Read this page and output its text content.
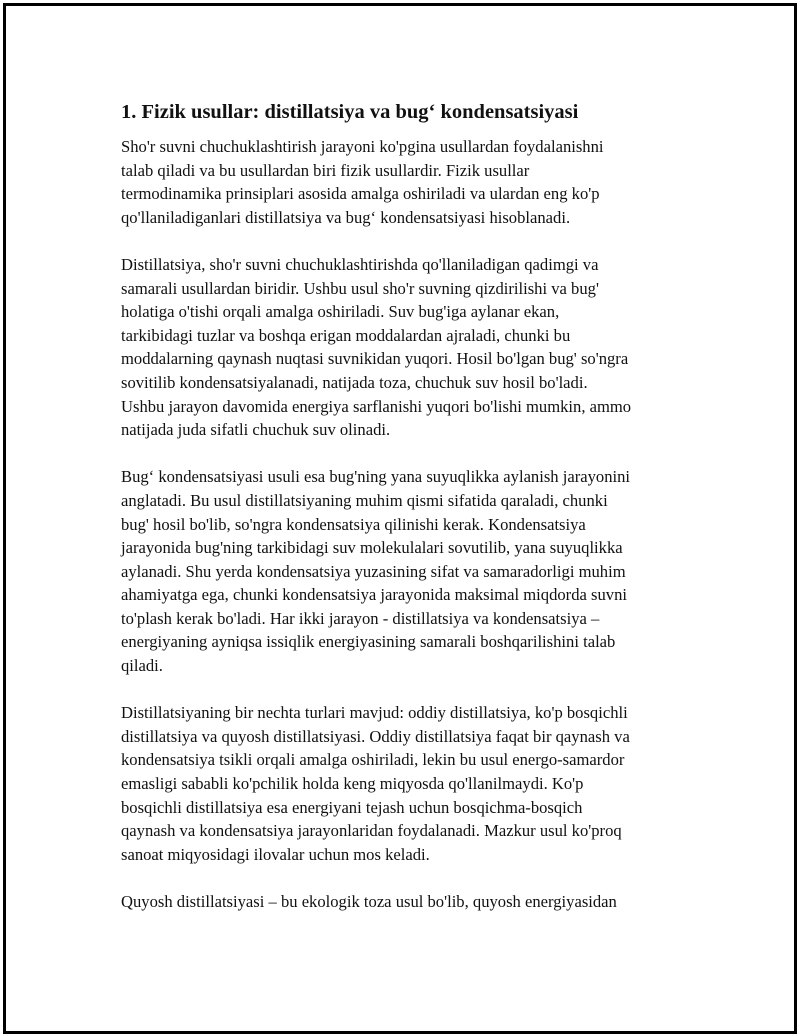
1. Fizik usullar: distillatsiya va bug‘ kondensatsiyasi

Sho'r suvni chuchuklashtirish jarayoni ko'pgina usullardan foydalanishni
talab qiladi va bu usullardan biri fizik usullardir. Fizik usullar
termodinamika prinsiplari asosida amalga oshiriladi va ulardan eng ko'p
qo'llaniladiganlari distillatsiya va bug‘ kondensatsiyasi hisoblanadi.

Distillatsiya, sho'r suvni chuchuklashtirishda qo'llaniladigan qadimgi va
samarali usullardan biridir. Ushbu usul sho'r suvning qizdirilishi va bug'
holatiga o'tishi orqali amalga oshiriladi. Suv bug'iga aylanar ekan,
tarkibidagi tuzlar va boshqa erigan moddalardan ajraladi, chunki bu
moddalarning qaynash nuqtasi suvnikidan yuqori. Hosil bo'lgan bug' so'ngra
sovitilib kondensatsiyalanadi, natijada toza, chuchuk suv hosil bo'ladi.
Ushbu jarayon davomida energiya sarflanishi yuqori bo'lishi mumkin, ammo
natijada juda sifatli chuchuk suv olinadi.

Bug‘ kondensatsiyasi usuli esa bug'ning yana suyuqlikka aylanish jarayonini
anglatadi. Bu usul distillatsiyaning muhim qismi sifatida qaraladi, chunki
bug' hosil bo'lib, so'ngra kondensatsiya qilinishi kerak. Kondensatsiya
jarayonida bug'ning tarkibidagi suv molekulalari sovutilib, yana suyuqlikka
aylanadi. Shu yerda kondensatsiya yuzasining sifat va samaradorligi muhim
ahamiyatga ega, chunki kondensatsiya jarayonida maksimal miqdorda suvni
to'plash kerak bo'ladi. Har ikki jarayon - distillatsiya va kondensatsiya –
energiyaning ayniqsa issiqlik energiyasining samarali boshqarilishini talab
qiladi.

Distillatsiyaning bir nechta turlari mavjud: oddiy distillatsiya, ko'p bosqichli
distillatsiya va quyosh distillatsiyasi. Oddiy distillatsiya faqat bir qaynash va
kondensatsiya tsikli orqali amalga oshiriladi, lekin bu usul energo-samardor
emasligi sababli ko'pchilik holda keng miqyosda qo'llanilmaydi. Ko'p
bosqichli distillatsiya esa energiyani tejash uchun bosqichma-bosqich
qaynash va kondensatsiya jarayonlaridan foydalanadi. Mazkur usul ko'proq
sanoat miqyosidagi ilovalar uchun mos keladi.

Quyosh distillatsiyasi – bu ekologik toza usul bo'lib, quyosh energiyasidan
